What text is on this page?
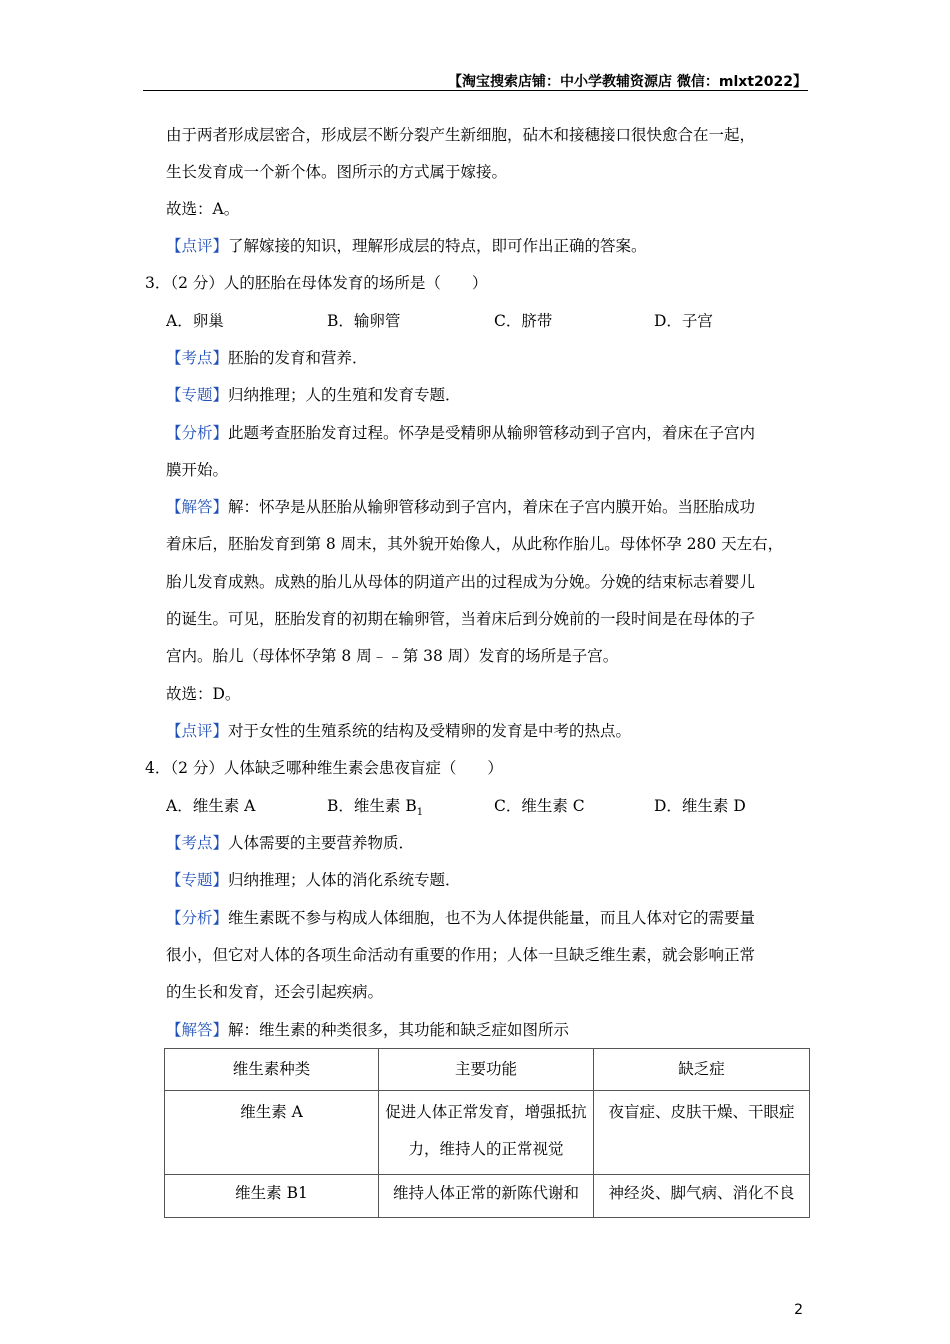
【淘宝搜索店铺：中小学教辅资源店 微信：mlxt2022】
由于两者形成层密合，形成层不断分裂产生新细胞，砧木和接穗接口很快愈合在一起，
生长发育成一个新个体。图所示的方式属于嫁接。
故选：A。
【点评】了解嫁接的知识，理解形成层的特点，即可作出正确的答案。
3．（2 分）人的胚胎在母体发育的场所是（　　）
A．卵巢	B．输卵管	C．脐带	D．子宫
【考点】胚胎的发育和营养．
【专题】归纳推理；人的生殖和发育专题．
【分析】此题考查胚胎发育过程。怀孕是受精卵从输卵管移动到子宫内，着床在子宫内
膜开始。
【解答】解：怀孕是从胚胎从输卵管移动到子宫内，着床在子宫内膜开始。当胚胎成功
着床后，胚胎发育到第 8 周末，其外貌开始像人，从此称作胎儿。母体怀孕 280 天左右，
胎儿发育成熟。成熟的胎儿从母体的阴道产出的过程成为分娩。分娩的结束标志着婴儿
的诞生。可见，胚胎发育的初期在输卵管，当着床后到分娩前的一段时间是在母体的子
宫内。胎儿（母体怀孕第 8 周﹣﹣第 38 周）发育的场所是子宫。
故选：D。
【点评】对于女性的生殖系统的结构及受精卵的发育是中考的热点。
4．（2 分）人体缺乏哪种维生素会患夜盲症（　　）
A．维生素 A	B．维生素 $B_1$	C．维生素 C	D．维生素 D
【考点】人体需要的主要营养物质．
【专题】归纳推理；人体的消化系统专题．
【分析】维生素既不参与构成人体细胞，也不为人体提供能量，而且人体对它的需要量
很小，但它对人体的各项生命活动有重要的作用；人体一旦缺乏维生素，就会影响正常
的生长和发育，还会引起疾病。
【解答】解：维生素的种类很多，其功能和缺乏症如图所示
维生素种类	主要功能	缺乏症
维生素 A	促进人体正常发育，增强抵抗
力，维持人的正常视觉	夜盲症、皮肤干燥、干眼症
维生素 B1	维持人体正常的新陈代谢和	神经炎、脚气病、消化不良
2
